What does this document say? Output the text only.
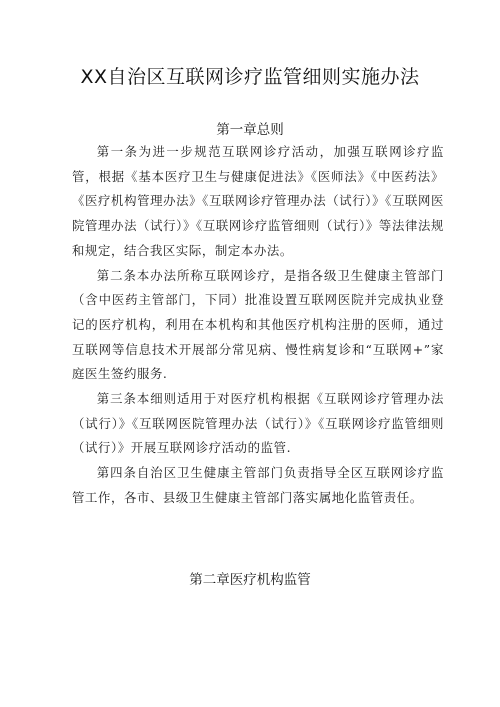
XX自治区互联网诊疗监管细则实施办法
第一章总则

第一条为进一步规范互联网诊疗活动，加强互联网诊疗监管，根据《基本医疗卫生与健康促进法》《医师法》《中医药法》《医疗机构管理办法》《互联网诊疗管理办法（试行）》《互联网医院管理办法（试行）》《互联网诊疗监管细则（试行）》等法律法规和规定，结合我区实际，制定本办法。

第二条本办法所称互联网诊疗，是指各级卫生健康主管部门（含中医药主管部门，下同）批准设置互联网医院并完成执业登记的医疗机构，利用在本机构和其他医疗机构注册的医师，通过互联网等信息技术开展部分常见病、慢性病复诊和“互联网+”家庭医生签约服务.

第三条本细则适用于对医疗机构根据《互联网诊疗管理办法（试行）》《互联网医院管理办法（试行）》《互联网诊疗监管细则（试行）》开展互联网诊疗活动的监管.

第四条自治区卫生健康主管部门负责指导全区互联网诊疗监管工作，各市、县级卫生健康主管部门落实属地化监管责任。

第二章医疗机构监管
